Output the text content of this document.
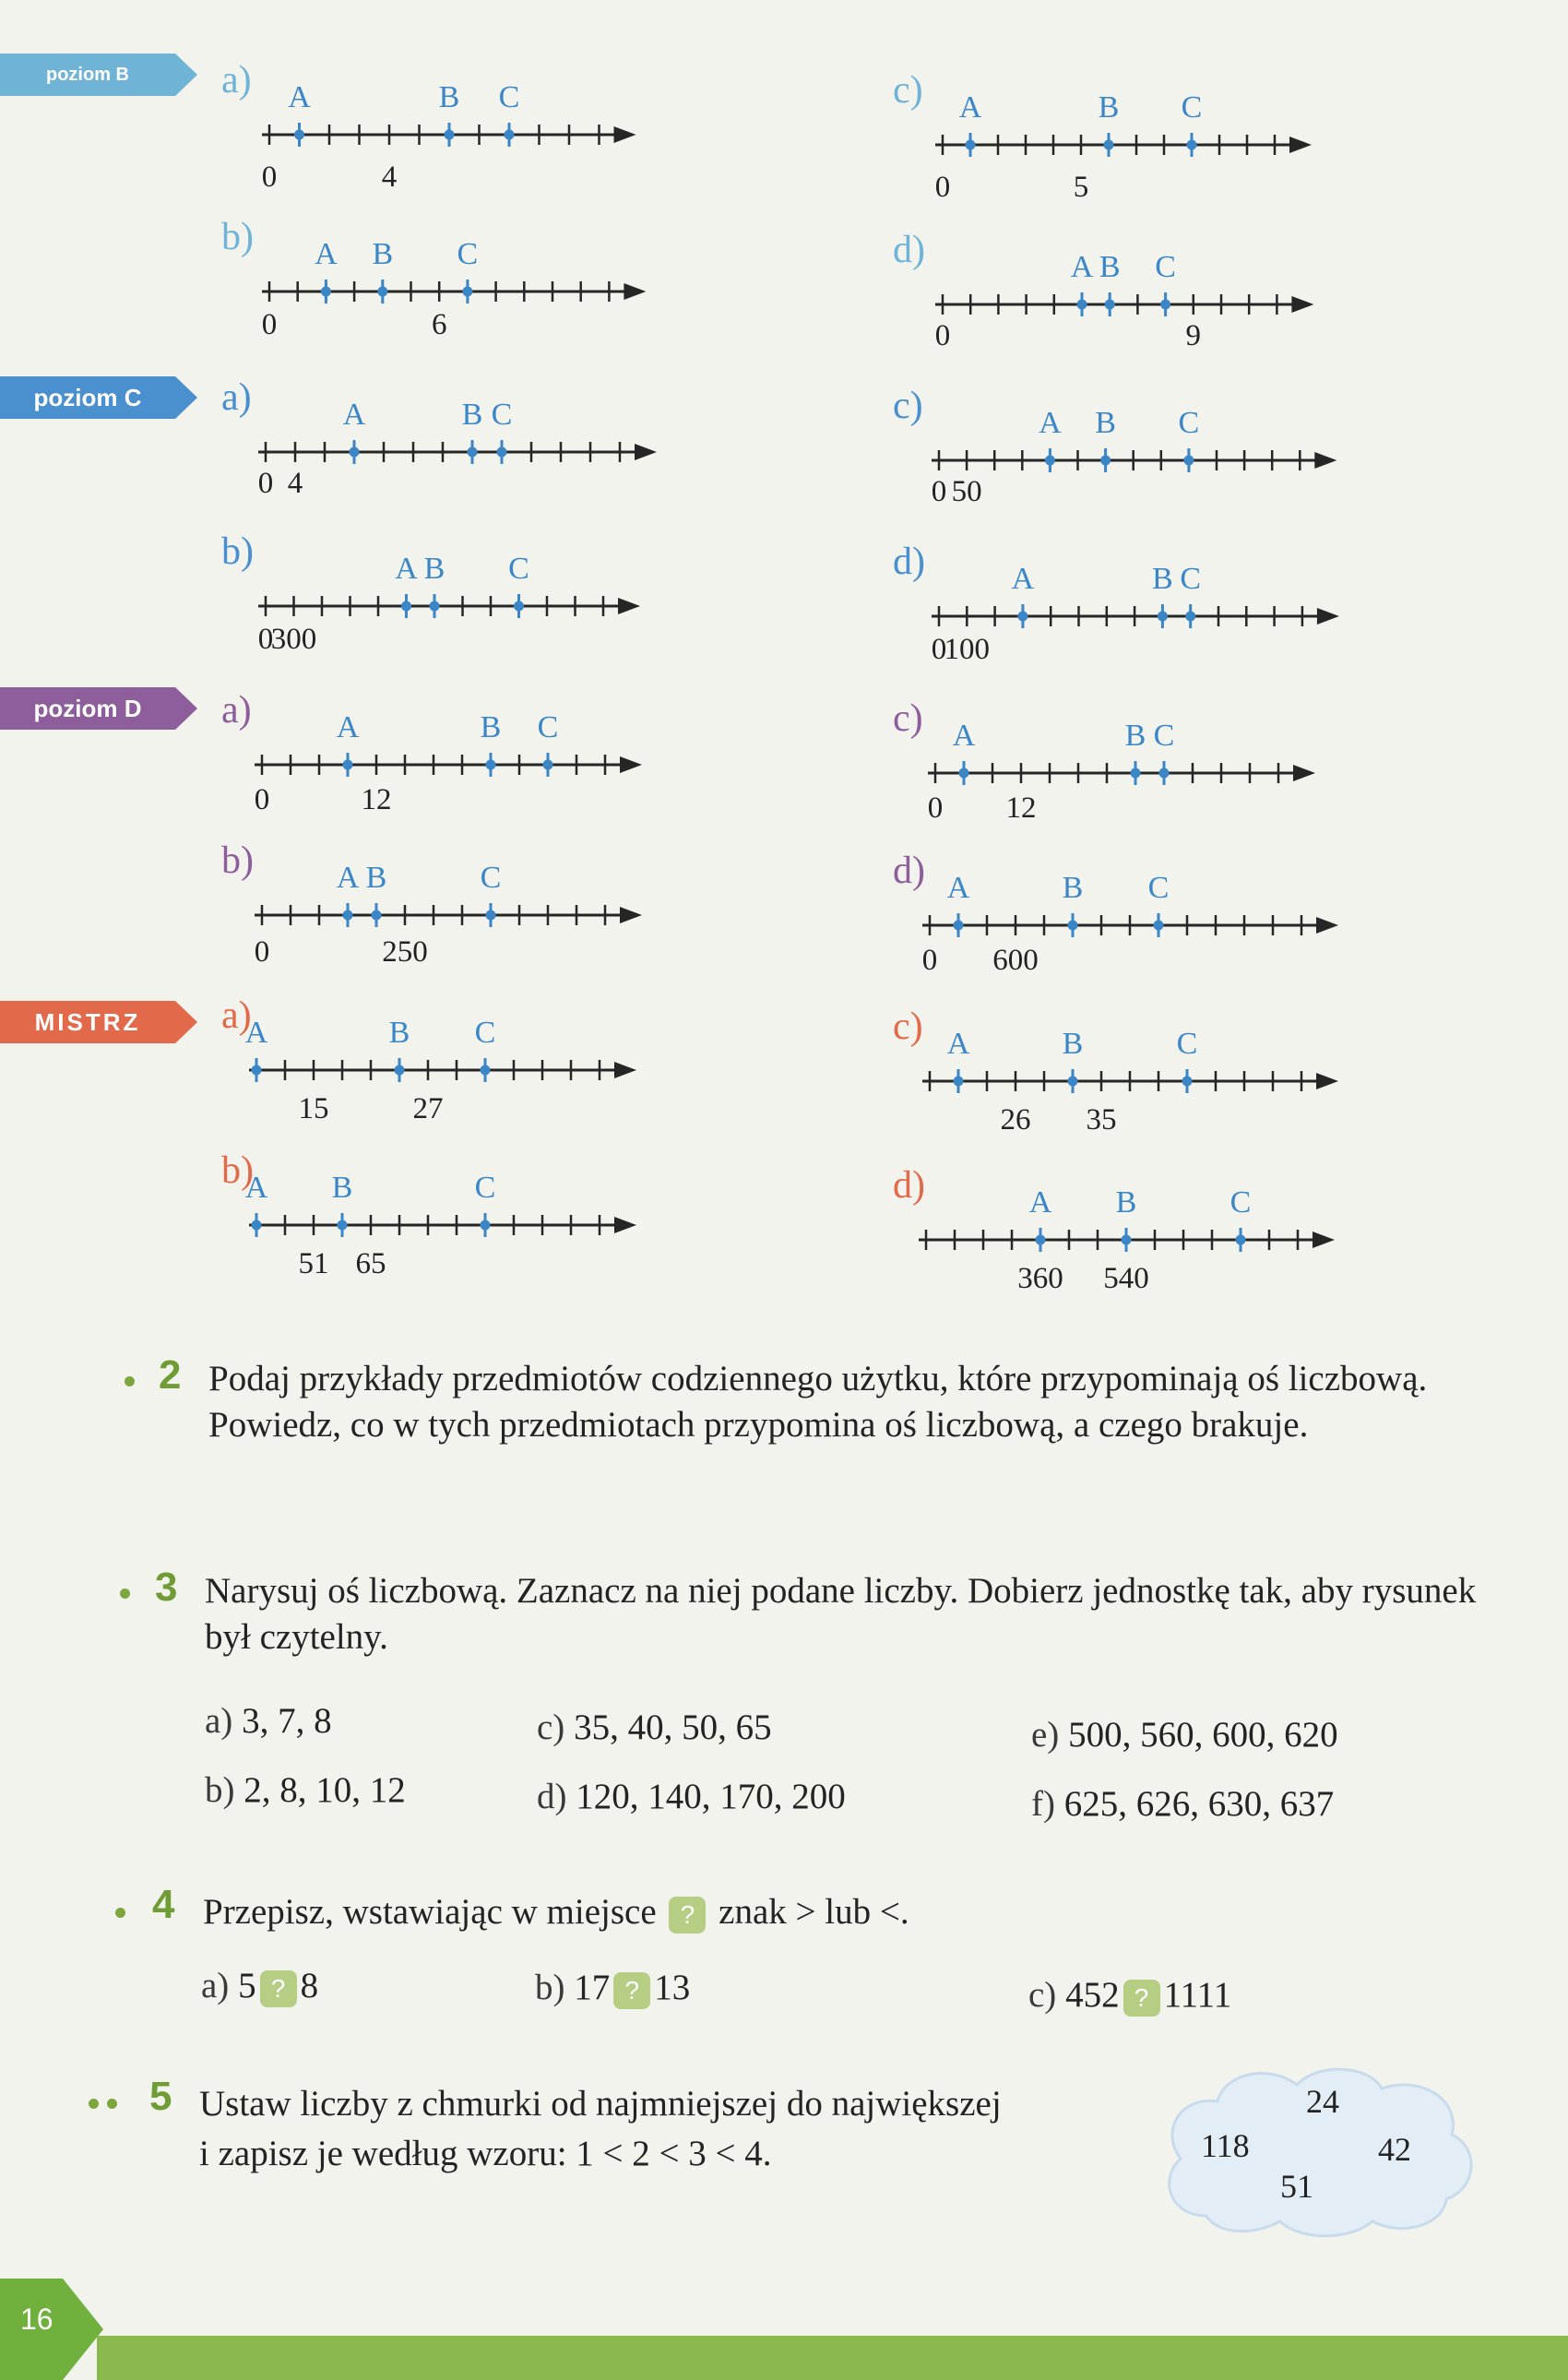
poziom B
poziom C
poziom D
MISTRZ
A	B C
0	4
a)
A	B C
0	5
c)
A B C
0	6
b)
A B C
0	9
d)
A	B C
0 4
a)
A B C
0 50
c)
A B C
0
300
b)
A	B C
0
100
d)
A	B C
0	12
a)
A	B C
0 12
c)
A B	C
0	250
b)
A	B C
0 600
d)
A	B C
15	27
a)
A	B	C
26 35
c)
A B	C
51 65
b)
A B	C
360 540
d)
2 Podaj przykłady przedmiotów codziennego użytku, które przypominają oś liczbową. Powiedz, co w tych przedmiotach przypomina oś liczbową, a czego brakuje.
3 Narysuj oś liczbową. Zaznacz na niej podane liczby. Dobierz jednostkę tak, aby rysunek był czytelny.
a) 3, 7, 8
b) 2, 8, 10, 12
c) 35, 40, 50, 65
d) 120, 140, 170, 200
e) 500, 560, 600, 620
f) 625, 626, 630, 637
4 Przepisz, wstawiając w miejsce ? znak > lub <.
a) 5 ? 8	b) 17 ? 13	c) 452 ? 1111
5 Ustaw liczby z chmurki od najmniejszej do największej
i zapisz je według wzoru: 1 < 2 < 3 < 4.
24
118	42
51
16
